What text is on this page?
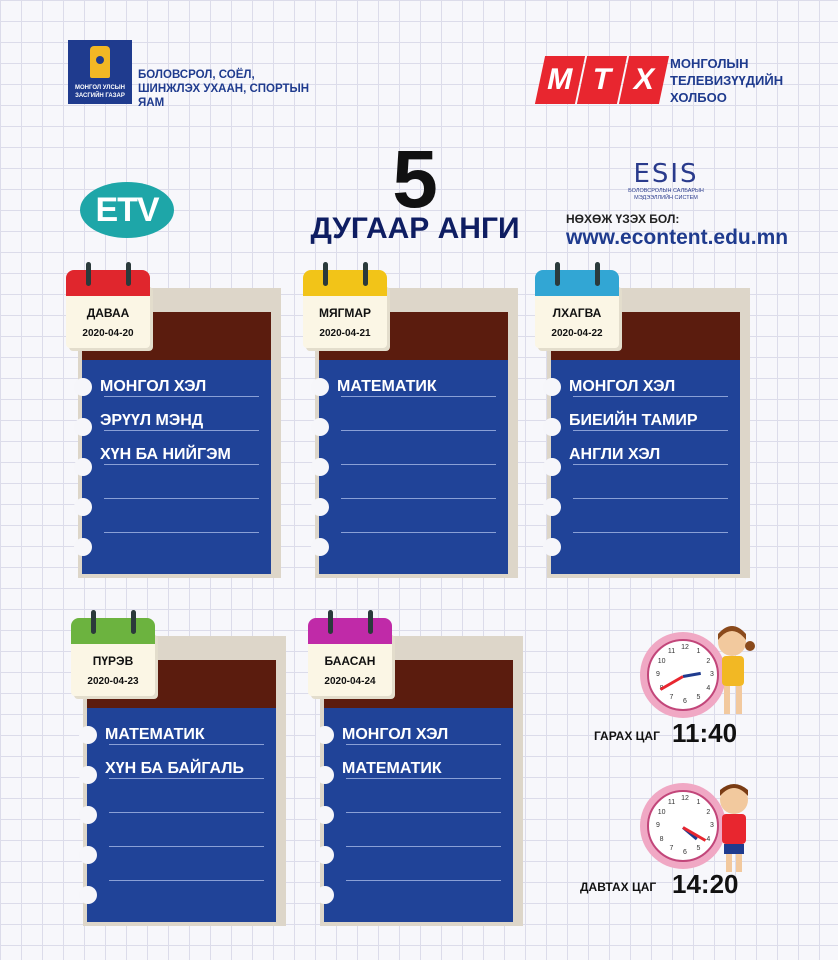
МОНГОЛ УЛСЫН ЗАСГИЙН ГАЗАР
БОЛОВСРОЛ, СОЁЛ, ШИНЖЛЭХ УХААН, СПОРТЫН ЯАМ
М Т Х МОНГОЛЫН
ТЕЛЕВИЗҮҮДИЙН
ХОЛБОО
ETV	5
ДУГААР АНГИ
ESIS
БОЛОВСРОЛЫН САЛБАРЫН МЭДЭЭЛЛИЙН СИСТЕМ
НӨХӨЖ ҮЗЭХ БОЛ:
www.econtent.edu.mn
МОНГОЛ ХЭЛ
ЭРҮҮЛ МЭНД
ХҮН БА НИЙГЭМ
ДАВАА
2020-04-20
МАТЕМАТИК
МЯГМАР
2020-04-21
МОНГОЛ ХЭЛ
БИЕИЙН ТАМИР
АНГЛИ ХЭЛ
ЛХАГВА
2020-04-22
МАТЕМАТИК
ХҮН БА БАЙГАЛЬ
ПҮРЭВ
2020-04-23
МОНГОЛ ХЭЛ
МАТЕМАТИК
БААСАН
2020-04-24
1
2
3
4
5
6
7
9
10
11
12
ГАРАХ ЦАГ 11:40
1
2
3
4
5
6
7
8
9
10
11
12
ДАВТАХ ЦАГ 14:20
